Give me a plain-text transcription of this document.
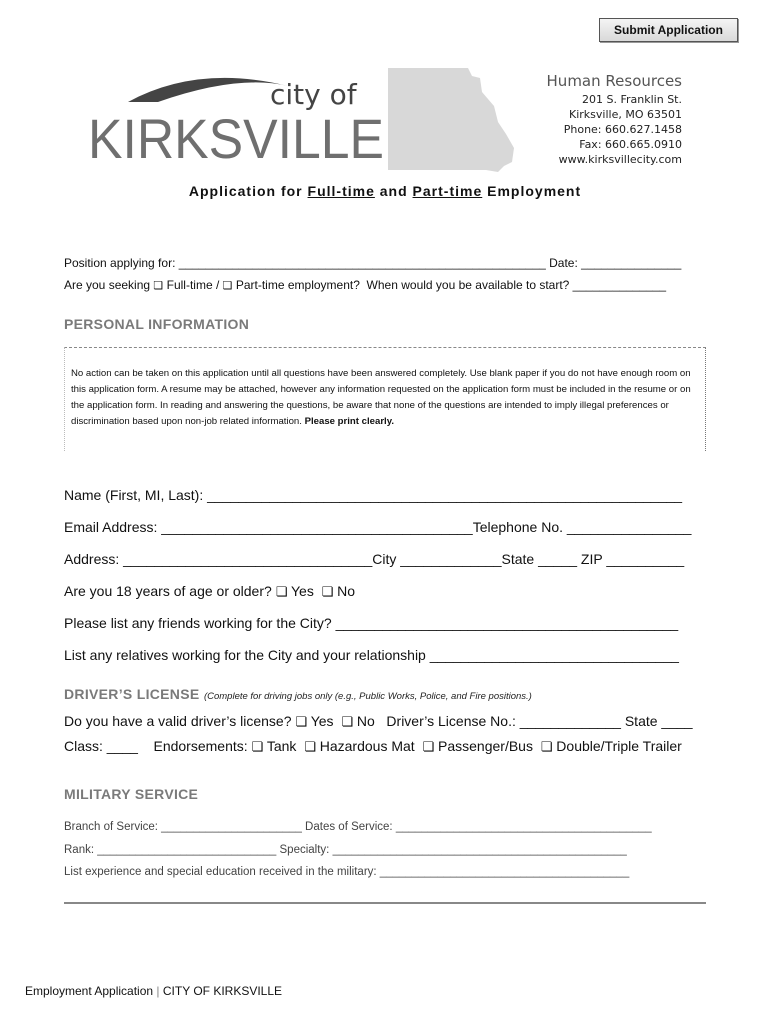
Submit Application
city of
KIRKSVILLE
Human Resources
201 S. Franklin St.
Kirksville, MO 63501
Phone: 660.627.1458
Fax: 660.665.0910
www.kirksvillecity.com
Application for Full-time and Part-time Employment
Position applying for: _______________________________________________________ Date: _______________
Are you seeking ❏ Full-time / ❏ Part-time employment?  When would you be available to start? ______________
PERSONAL INFORMATION
No action can be taken on this application until all questions have been answered completely. Use blank paper if you do not have enough room on this application form. A resume may be attached, however any information requested on the application form must be included in the resume or on the application form. In reading and answering the questions, be aware that none of the questions are intended to imply illegal preferences or discrimination based upon non-job related information. Please print clearly.
Name (First, MI, Last): _____________________________________________________________
Email Address: ________________________________________Telephone No. ________________
Address: ________________________________City _____________State _____ ZIP __________
Are you 18 years of age or older? ❏ Yes  ❏ No
Please list any friends working for the City? ____________________________________________
List any relatives working for the City and your relationship ________________________________
DRIVER’S LICENSE (Complete for driving jobs only (e.g., Public Works, Police, and Fire positions.)
Do you have a valid driver’s license? ❏ Yes  ❏ No   Driver’s License No.: _____________ State ____
Class: ____    Endorsements: ❏ Tank  ❏ Hazardous Mat  ❏ Passenger/Bus  ❏ Double/Triple Trailer
MILITARY SERVICE
Branch of Service: ______________________ Dates of Service: ________________________________________
Rank: ____________________________ Specialty: ______________________________________________
List experience and special education received in the military: _______________________________________
Employment Application | CITY OF KIRKSVILLE
